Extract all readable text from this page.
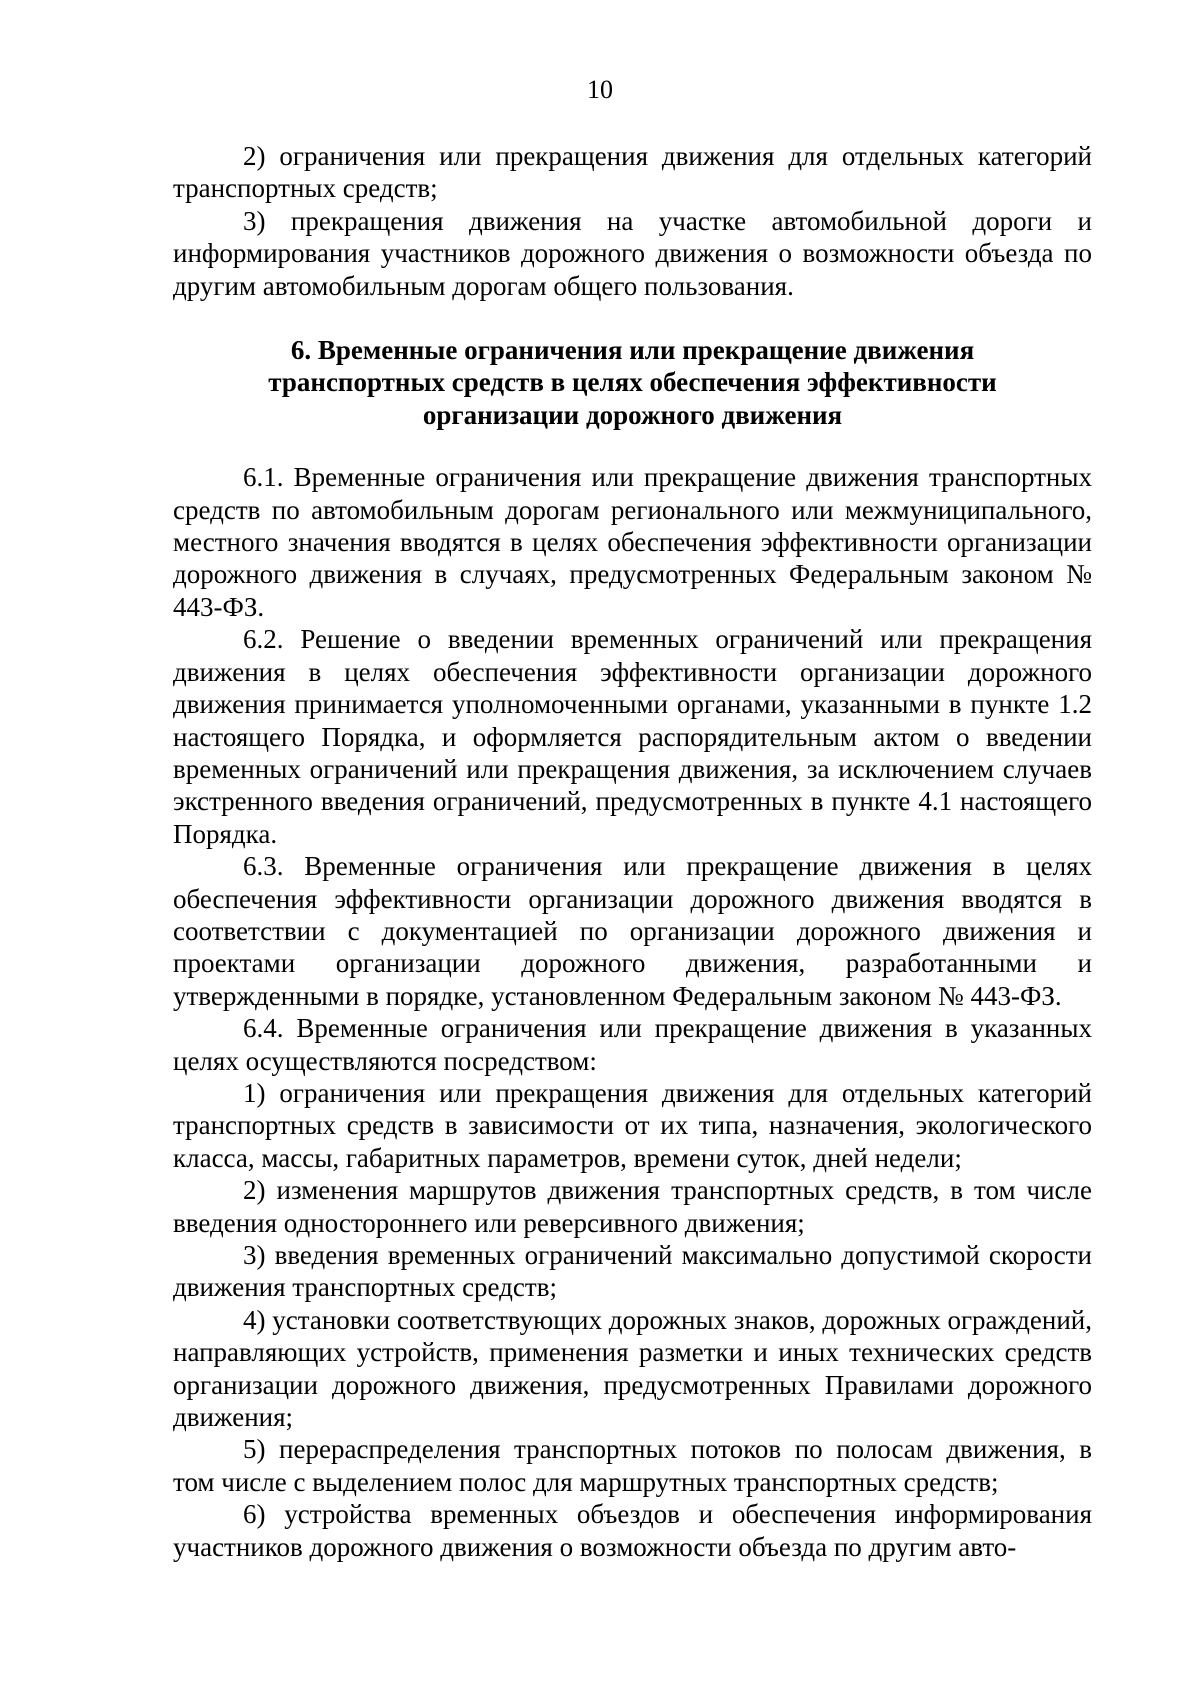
10

2) ограничения или прекращения движения для отдельных категорий транспортных средств;

3) прекращения движения на участке автомобильной дороги и информирования участников дорожного движения о возможности объезда по другим автомобильным дорогам общего пользования.

6. Временные ограничения или прекращение движения
транспортных средств в целях обеспечения эффективности
организации дорожного движения

6.1. Временные ограничения или прекращение движения транспортных средств по автомобильным дорогам регионального или межмуниципального, местного значения вводятся в целях обеспечения эффективности организации дорожного движения в случаях, предусмотренных Федеральным законом № 443-ФЗ.

6.2. Решение о введении временных ограничений или прекращения движения в целях обеспечения эффективности организации дорожного движения принимается уполномоченными органами, указанными в пункте 1.2 настоящего Порядка, и оформляется распорядительным актом о введении временных ограничений или прекращения движения, за исключением случаев экстренного введения ограничений, предусмотренных в пункте 4.1 настоящего Порядка.

6.3. Временные ограничения или прекращение движения в целях обеспечения эффективности организации дорожного движения вводятся в соответствии с документацией по организации дорожного движения и проектами организации дорожного движения, разработанными и утвержденными в порядке, установленном Федеральным законом № 443-ФЗ.

6.4. Временные ограничения или прекращение движения в указанных целях осуществляются посредством:

1) ограничения или прекращения движения для отдельных категорий транспортных средств в зависимости от их типа, назначения, экологического класса, массы, габаритных параметров, времени суток, дней недели;

2) изменения маршрутов движения транспортных средств, в том числе введения одностороннего или реверсивного движения;

3) введения временных ограничений максимально допустимой скорости движения транспортных средств;

4) установки соответствующих дорожных знаков, дорожных ограждений, направляющих устройств, применения разметки и иных технических средств организации дорожного движения, предусмотренных Правилами дорожного движения;

5) перераспределения транспортных потоков по полосам движения, в том числе с выделением полос для маршрутных транспортных средств;

6) устройства временных объездов и обеспечения информирования участников дорожного движения о возможности объезда по другим авто-
